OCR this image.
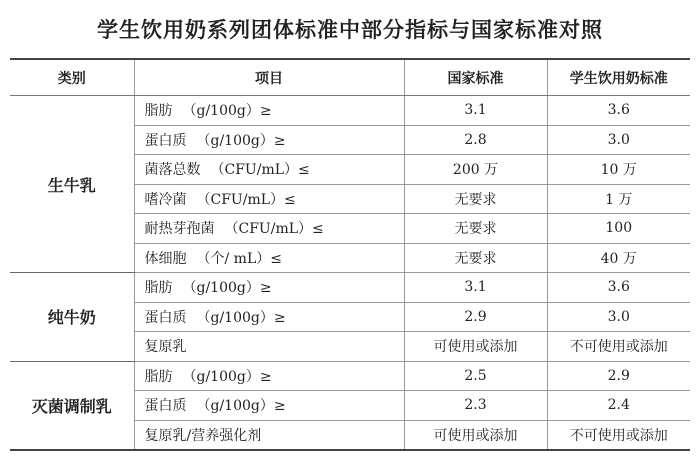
学生饮用奶系列团体标准中部分指标与国家标准对照
类别	项目	国家标准	学生饮用奶标准
生牛乳	脂肪 （g/100g）≥	3.1	3.6
	蛋白质 （g/100g）≥	2.8	3.0
	菌落总数 （CFU/mL）≤	200 万	10 万
	嗜冷菌 （CFU/mL）≤	无要求	1 万
	耐热芽孢菌 （CFU/mL）≤	无要求	100
	体细胞 （个/ mL）≤	无要求	40 万
纯牛奶	脂肪 （g/100g）≥	3.1	3.6
	蛋白质 （g/100g）≥	2.9	3.0
	复原乳	可使用或添加	不可使用或添加
灭菌调制乳	脂肪 （g/100g）≥	2.5	2.9
	蛋白质 （g/100g）≥	2.3	2.4
	复原乳/营养强化剂	可使用或添加	不可使用或添加
